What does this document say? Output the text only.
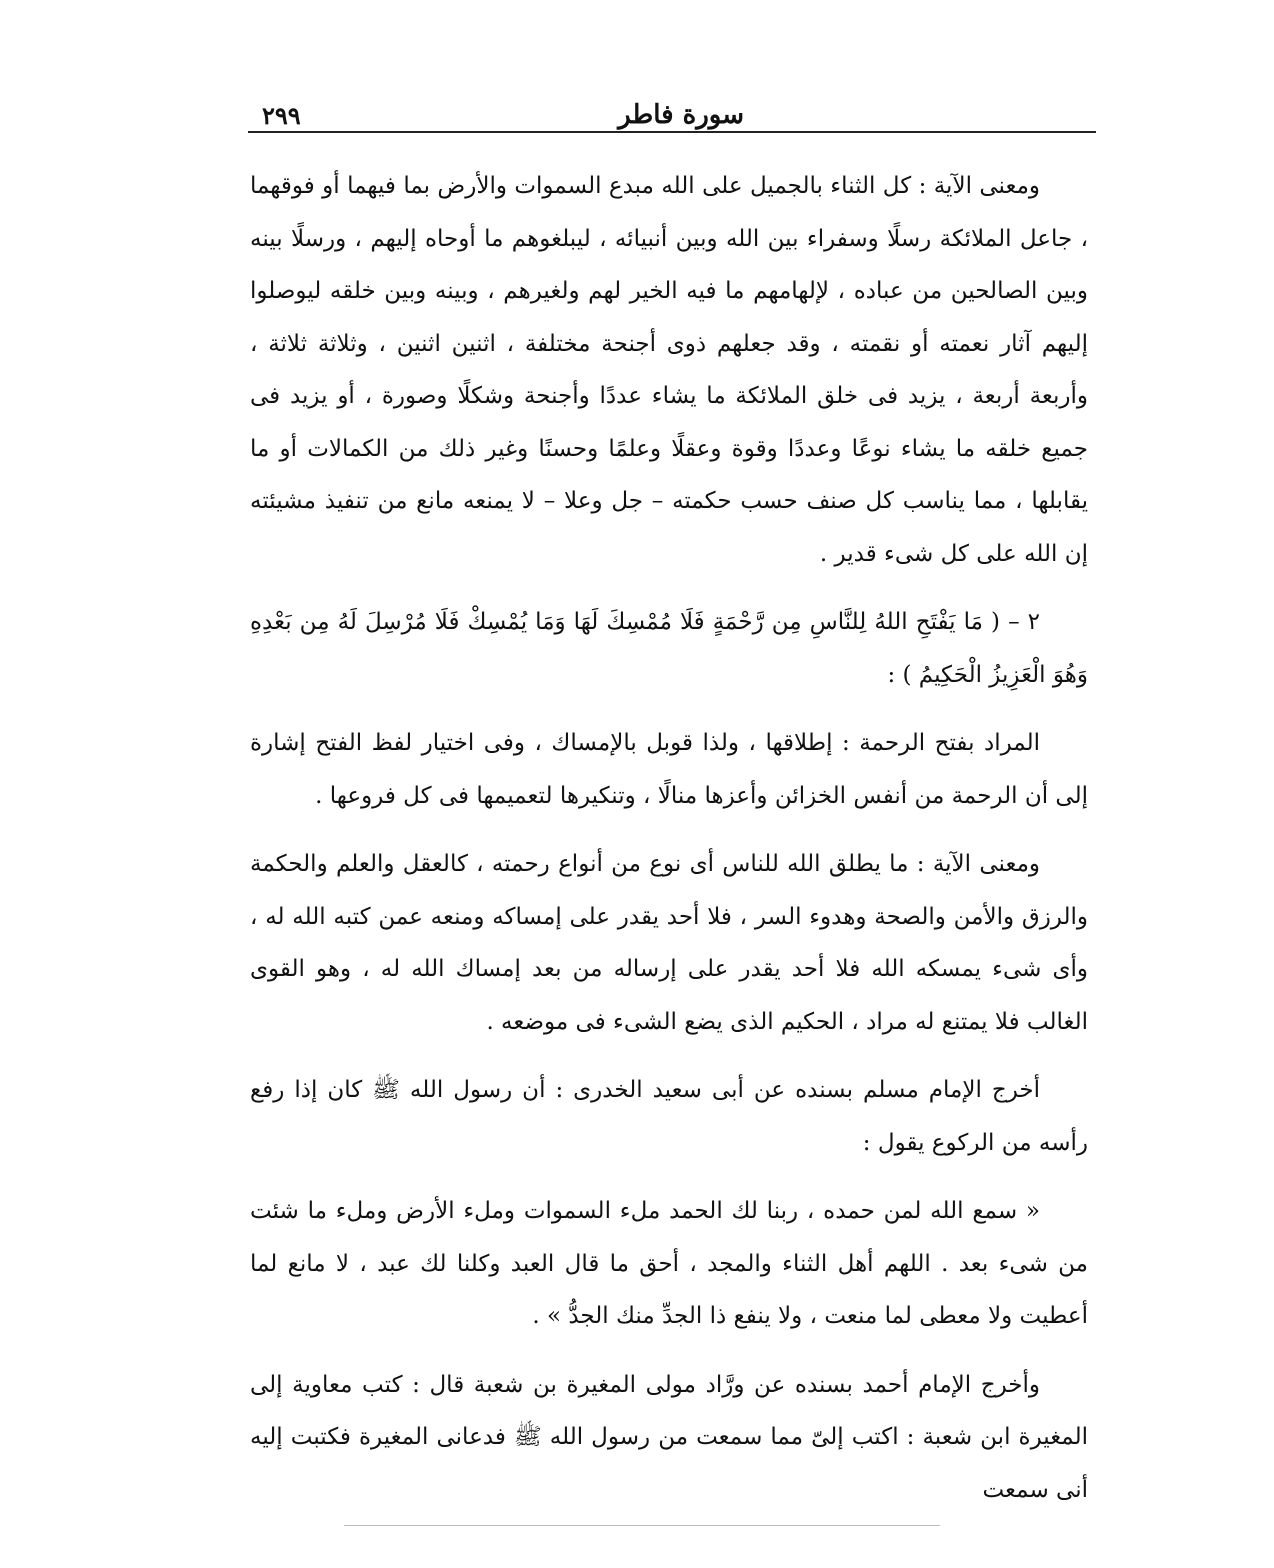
٢٩٩	سورة فاطر

ومعنى الآية : كل الثناء بالجميل على الله مبدع السموات والأرض بما فيهما أو فوقهما ، جاعل الملائكة رسلًا وسفراء بين الله وبين أنبيائه ، ليبلغوهم ما أوحاه إليهم ، ورسلًا بينه وبين الصالحين من عباده ، لإلهامهم ما فيه الخير لهم ولغيرهم ، وبينه وبين خلقه ليوصلوا إليهم آثار نعمته أو نقمته ، وقد جعلهم ذوى أجنحة مختلفة ، اثنين اثنين ، وثلاثة ثلاثة ، وأربعة أربعة ، يزيد فى خلق الملائكة ما يشاء عددًا وأجنحة وشكلًا وصورة ، أو يزيد فى جميع خلقه ما يشاء نوعًا وعددًا وقوة وعقلًا وعلمًا وحسنًا وغير ذلك من الكمالات أو ما يقابلها ، مما يناسب كل صنف حسب حكمته – جل وعلا – لا يمنعه مانع من تنفيذ مشيئته إن الله على كل شىء قدير .

٢ – ( مَا يَفْتَحِ اللهُ لِلنَّاسِ مِن رَّحْمَةٍ فَلَا مُمْسِكَ لَهَا وَمَا يُمْسِكْ فَلَا مُرْسِلَ لَهُ مِن بَعْدِهِ وَهُوَ الْعَزِيزُ الْحَكِيمُ ) :

المراد بفتح الرحمة : إطلاقها ، ولذا قوبل بالإمساك ، وفى اختيار لفظ الفتح إشارة إلى أن الرحمة من أنفس الخزائن وأعزها منالًا ، وتنكيرها لتعميمها فى كل فروعها .

ومعنى الآية : ما يطلق الله للناس أى نوع من أنواع رحمته ، كالعقل والعلم والحكمة والرزق والأمن والصحة وهدوء السر ، فلا أحد يقدر على إمساكه ومنعه عمن كتبه الله له ، وأى شىء يمسكه الله فلا أحد يقدر على إرساله من بعد إمساك الله له ، وهو القوى الغالب فلا يمتنع له مراد ، الحكيم الذى يضع الشىء فى موضعه .

أخرج الإمام مسلم بسنده عن أبى سعيد الخدرى : أن رسول الله ﷺ كان إذا رفع رأسه من الركوع يقول :

« سمع الله لمن حمده ، ربنا لك الحمد ملء السموات وملء الأرض وملء ما شئت من شىء بعد . اللهم أهل الثناء والمجد ، أحق ما قال العبد وكلنا لك عبد ، لا مانع لما أعطيت ولا معطى لما منعت ، ولا ينفع ذا الجدِّ منك الجدُّ » .

وأخرج الإمام أحمد بسنده عن ورَّاد مولى المغيرة بن شعبة قال : كتب معاوية إلى المغيرة ابن شعبة : اكتب إلىّ مما سمعت من رسول الله ﷺ فدعانى المغيرة فكتبت إليه أنى سمعت
